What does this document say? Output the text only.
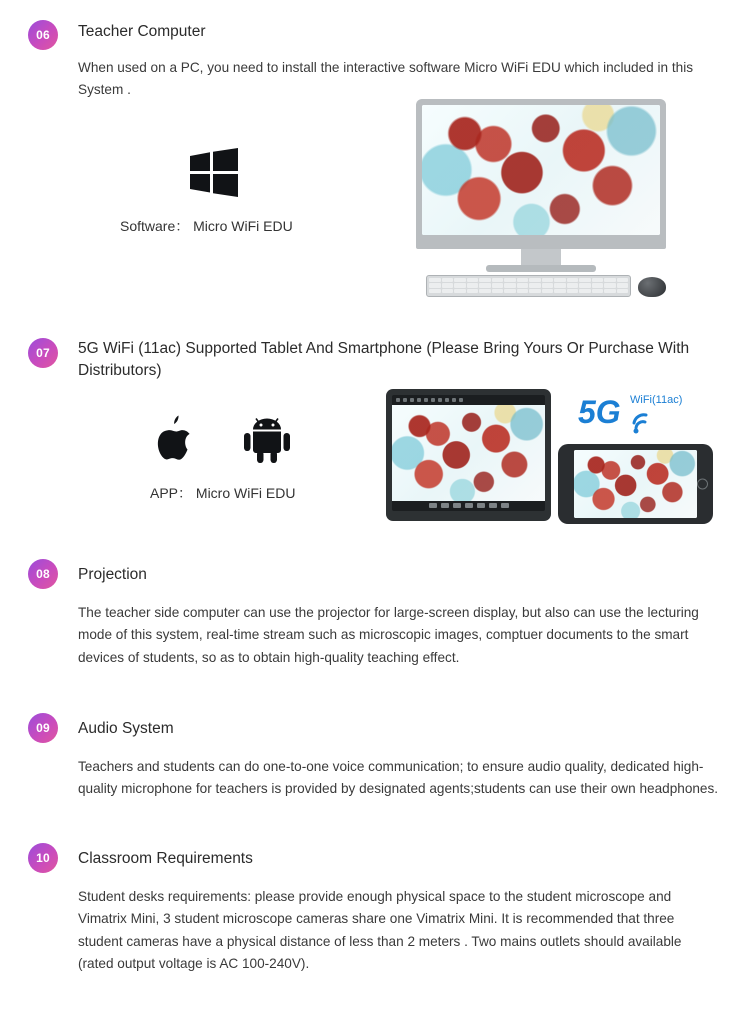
06	Teacher Computer

When used on a PC, you need to install the interactive software Micro WiFi EDU which included in this System .

Software： Micro WiFi EDU
07	5G WiFi (11ac) Supported Tablet And Smartphone (Please Bring Yours Or Purchase With Distributors)
APP： Micro WiFi EDU
5G WiFi(11ac)
08	Projection

The teacher side computer can use the projector for large-screen display, but also can use the lecturing mode of this system, real-time stream such as microscopic images, comptuer documents to the smart devices of students, so as to obtain high-quality teaching effect.

09	Audio System

Teachers and students can do one-to-one voice communication; to ensure audio quality, dedicated high-quality microphone for teachers is provided by designated agents;students can use their own headphones.

10	Classroom Requirements

Student desks requirements: please provide enough physical space to the student microscope and Vimatrix Mini, 3 student microscope cameras share one Vimatrix Mini. It is recommended that three student cameras have a physical distance of less than 2 meters . Two mains outlets should available (rated output voltage is AC 100-240V).
